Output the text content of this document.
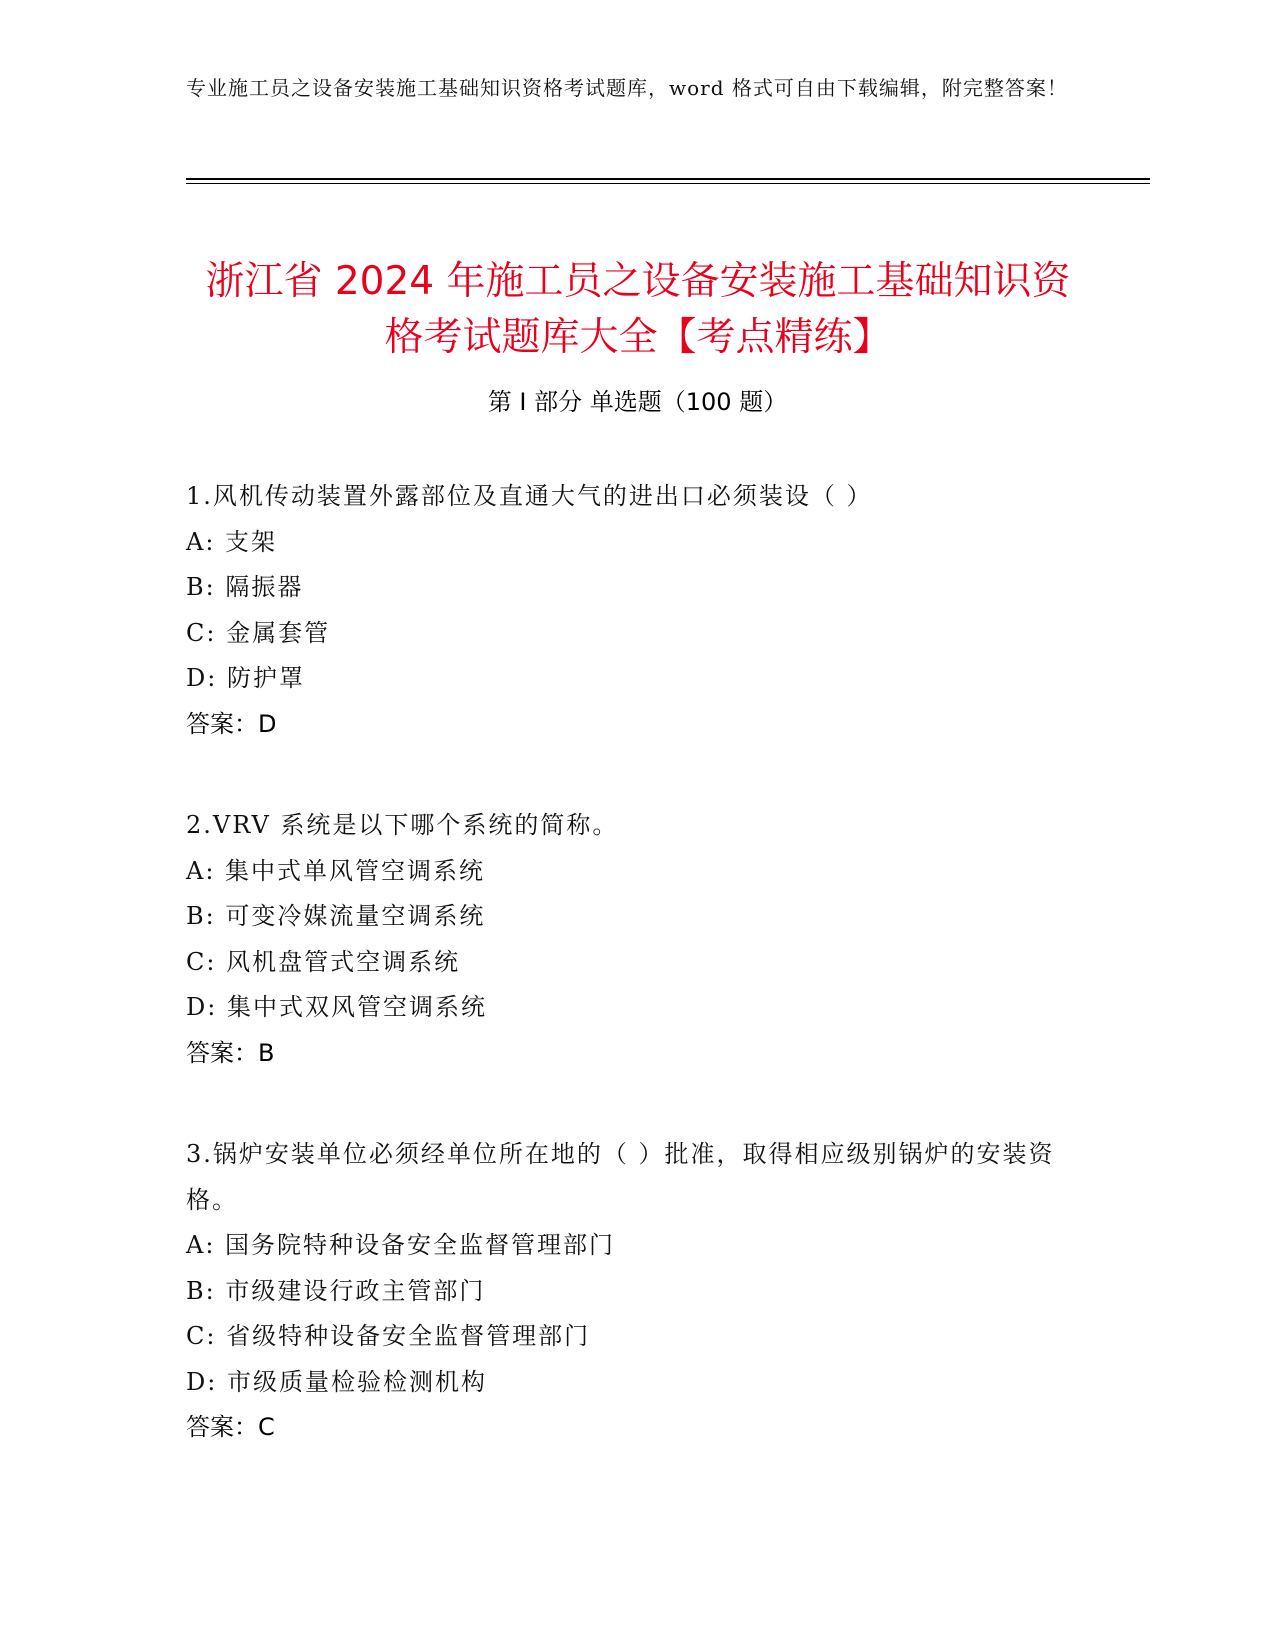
专业施工员之设备安装施工基础知识资格考试题库，word 格式可自由下载编辑，附完整答案！
浙江省 2024 年施工员之设备安装施工基础知识资格考试题库大全【考点精练】
第 I 部分 单选题（100 题）
1.风机传动装置外露部位及直通大气的进出口必须装设（ ）
A: 支架
B: 隔振器
C: 金属套管
D: 防护罩
答案：D
2.VRV 系统是以下哪个系统的简称。
A: 集中式单风管空调系统
B: 可变冷媒流量空调系统
C: 风机盘管式空调系统
D: 集中式双风管空调系统
答案：B
3.锅炉安装单位必须经单位所在地的（ ）批准，取得相应级别锅炉的安装资格。
A: 国务院特种设备安全监督管理部门
B: 市级建设行政主管部门
C: 省级特种设备安全监督管理部门
D: 市级质量检验检测机构
答案：C
